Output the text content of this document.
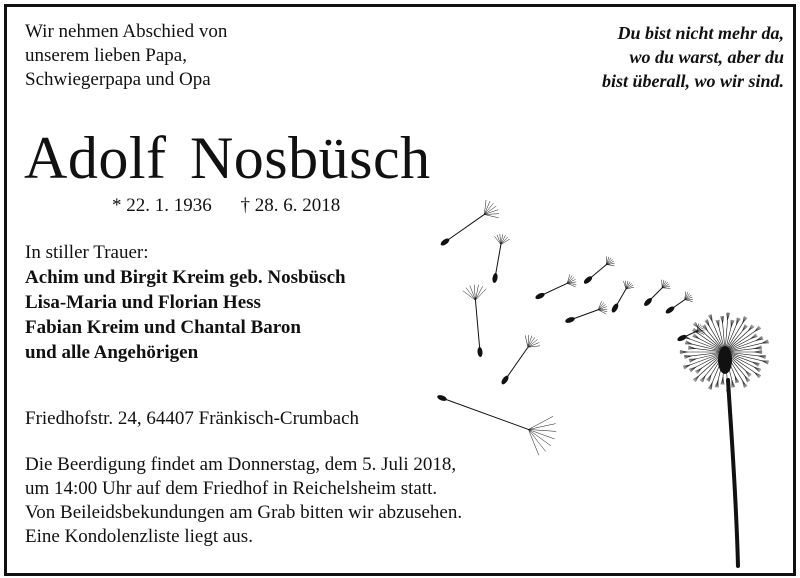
Wir nehmen Abschied von
unserem lieben Papa,
Schwiegerpapa und Opa
Du bist nicht mehr da,
wo du warst, aber du
bist überall, wo wir sind.
Adolf Nosbüsch
* 22. 1. 1936 † 28. 6. 2018
In stiller Trauer:
Achim und Birgit Kreim geb. Nosbüsch
Lisa-Maria und Florian Hess
Fabian Kreim und Chantal Baron
und alle Angehörigen
Friedhofstr. 24, 64407 Fränkisch-Crumbach
Die Beerdigung findet am Donnerstag, dem 5. Juli 2018,
um 14:00 Uhr auf dem Friedhof in Reichelsheim statt.
Von Beileidsbekundungen am Grab bitten wir abzusehen.
Eine Kondolenzliste liegt aus.
